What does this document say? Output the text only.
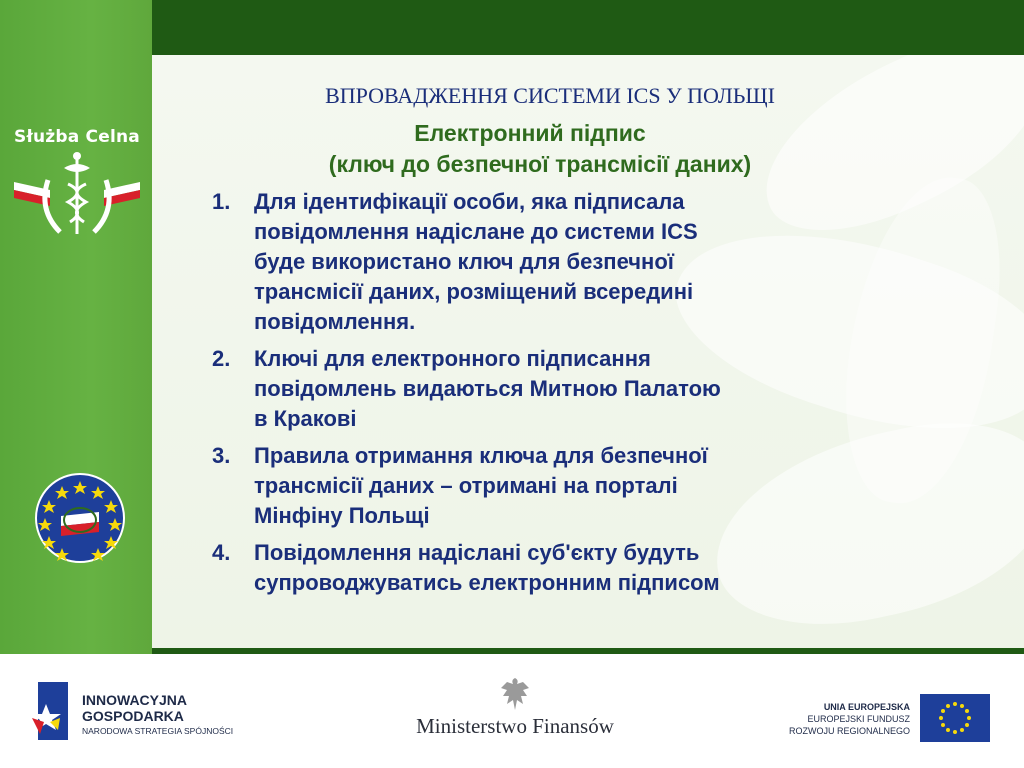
Służba Celna
ВПРОВАДЖЕННЯ СИСТЕМИ ICS У ПОЛЬЩІ
Електронний підпис
(ключ до безпечної трансмісії даних)
1.	Для ідентифікації особи, яка підписала
повідомлення надіслане до системи ICS
буде використано ключ для безпечної
трансмісії даних, розміщений всередині
повідомлення.
2.	Ключі для електронного підписання
повідомлень видаються Митною Палатою
в Кракові
3.	Правила отримання ключа для безпечної
трансмісії даних – отримані на порталі
Мінфіну Польщі
4.	Повідомлення надіслані суб'єкту будуть
супроводжуватись електронним підписом
INNOWACYJNA
GOSPODARKA
NARODOWA STRATEGIA SPÓJNOŚCI	Ministerstwo Finansów
UNIA EUROPEJSKA
EUROPEJSKI FUNDUSZ
ROZWOJU REGIONALNEGO
